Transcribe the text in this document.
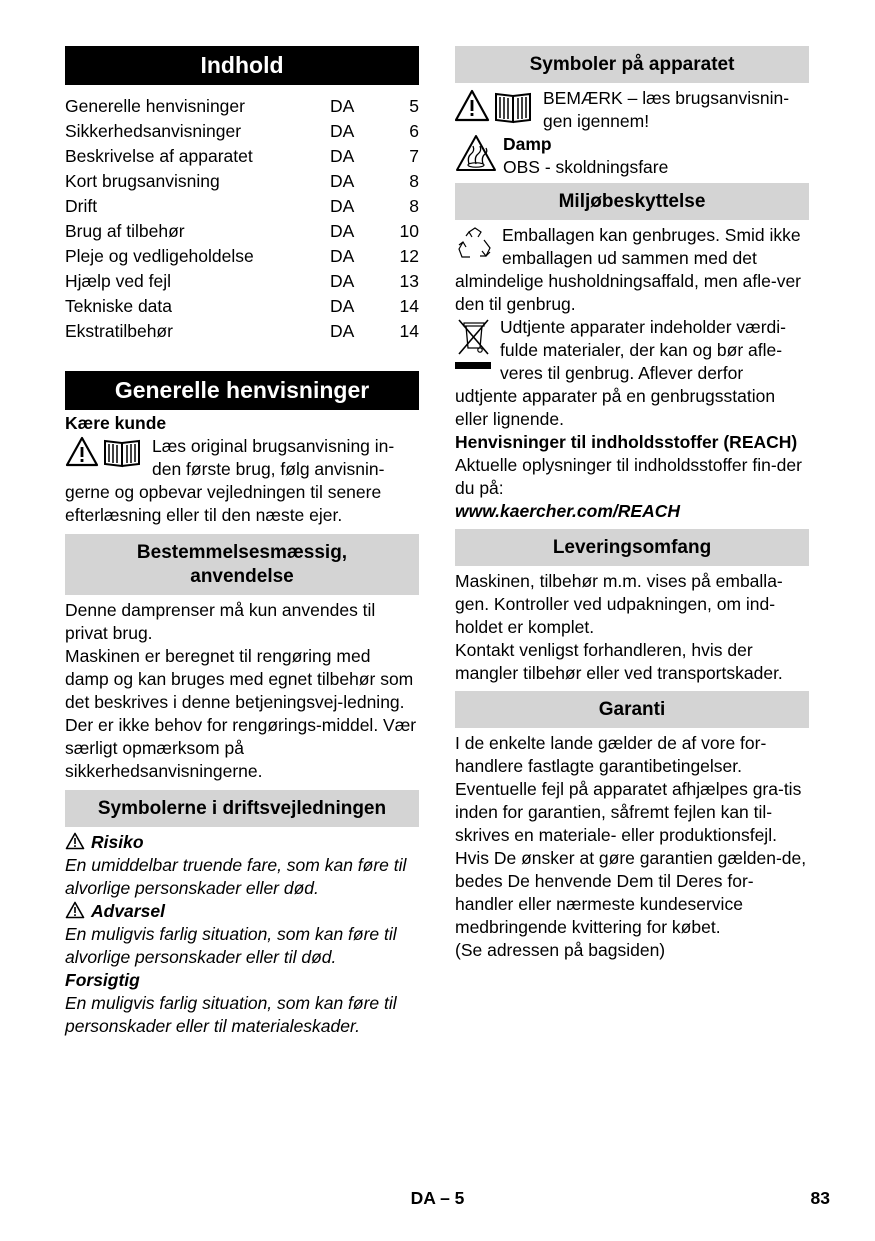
Indhold
Generelle henvisninger	DA	5
Sikkerhedsanvisninger	DA	6
Beskrivelse af apparatet	DA	7
Kort brugsanvisning	DA	8
Drift	DA	8
Brug af tilbehør	DA	10
Pleje og vedligeholdelse	DA	12
Hjælp ved fejl	DA	13
Tekniske data	DA	14
Ekstratilbehør	DA	14
Generelle henvisninger

Kære kunde

Læs original brugsanvisning in-den første brug, følg anvisnin-gerne og opbevar vejledningen til senere efterlæsning eller til den næste ejer.

Bestemmelsesmæssig,
anvendelse

Denne damprenser må kun anvendes til privat brug.

Maskinen er beregnet til rengøring med damp og kan bruges med egnet tilbehør som det beskrives i denne betjeningsvej-ledning. Der er ikke behov for rengørings-middel. Vær særligt opmærksom på sikkerhedsanvisningerne.

Symbolerne i driftsvejledningen

Risiko

En umiddelbar truende fare, som kan føre til alvorlige personskader eller død.

Advarsel

En muligvis farlig situation, som kan føre til alvorlige personskader eller til død.

Forsigtig

En muligvis farlig situation, som kan føre til personskader eller til materialeskader.

Symboler på apparatet

BEMÆRK – læs brugsanvisnin-gen igennem!

Damp

OBS - skoldningsfare

Miljøbeskyttelse

Emballagen kan genbruges. Smid ikke emballagen ud sammen med det almindelige husholdningsaffald, men afle-ver den til genbrug.

Udtjente apparater indeholder værdi-fulde materialer, der kan og bør afle-veres til genbrug. Aflever derfor udtjente apparater på en genbrugsstation eller lignende.

Henvisninger til indholdsstoffer (REACH)

Aktuelle oplysninger til indholdsstoffer fin-der du på:

www.kaercher.com/REACH

Leveringsomfang

Maskinen, tilbehør m.m. vises på emballa-gen. Kontroller ved udpakningen, om ind-holdet er komplet.

Kontakt venligst forhandleren, hvis der mangler tilbehør eller ved transportskader.

Garanti

I de enkelte lande gælder de af vore for-handlere fastlagte garantibetingelser.

Eventuelle fejl på apparatet afhjælpes gra-tis inden for garantien, såfremt fejlen kan til-skrives en materiale- eller produktionsfejl.

Hvis De ønsker at gøre garantien gælden-de, bedes De henvende Dem til Deres for-handler eller nærmeste kundeservice medbringende kvittering for købet.

(Se adressen på bagsiden)

DA – 5	83
